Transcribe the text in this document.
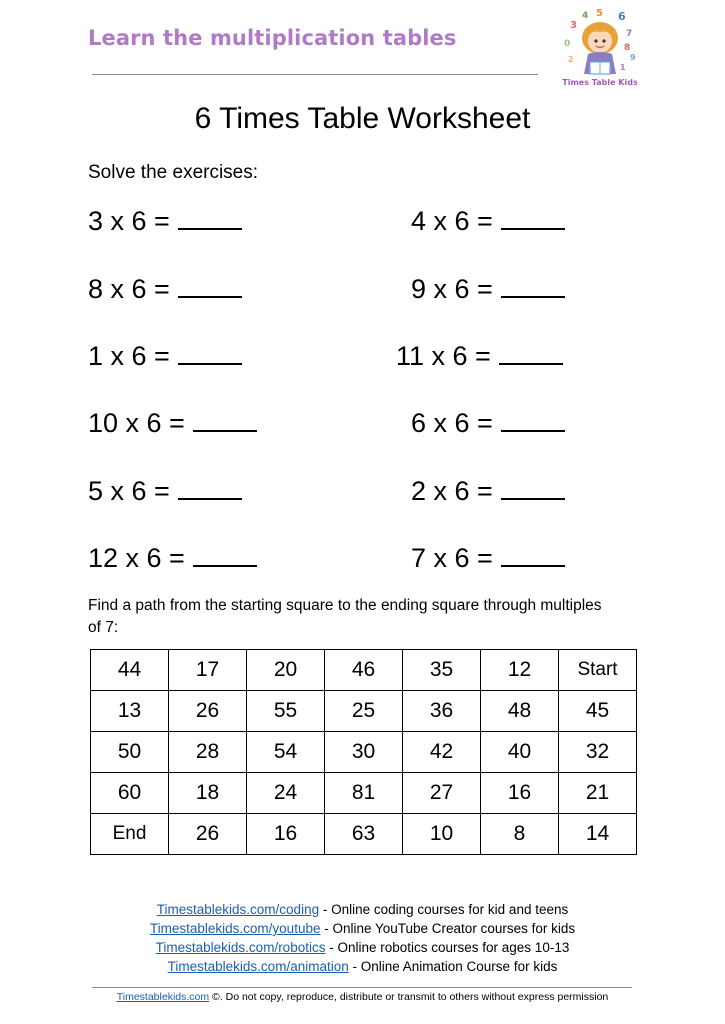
Learn the multiplication tables
3
4 5 6
7
8
9
0
2
1
Times Table Kids
6 Times Table Worksheet
Solve the exercises:
3 x 6 =
8 x 6 =
1 x 6 =
10 x 6 =
5 x 6 =
12 x 6 =
4 x 6 =
9 x 6 =
11 x 6 =
6 x 6 =
2 x 6 =
7 x 6 =
Find a path from the starting square to the ending square through multiples of 7:
44	17	20	46	35	12	Start
13	26	55	25	36	48	45
50	28	54	30	42	40	32
60	18	24	81	27	16	21
End	26	16	63	10	8	14
Timestablekids.com/coding - Online coding courses for kid and teens
Timestablekids.com/youtube - Online YouTube Creator courses for kids
Timestablekids.com/robotics - Online robotics courses for ages 10-13
Timestablekids.com/animation - Online Animation Course for kids
Timestablekids.com ©. Do not copy, reproduce, distribute or transmit to others without express permission
